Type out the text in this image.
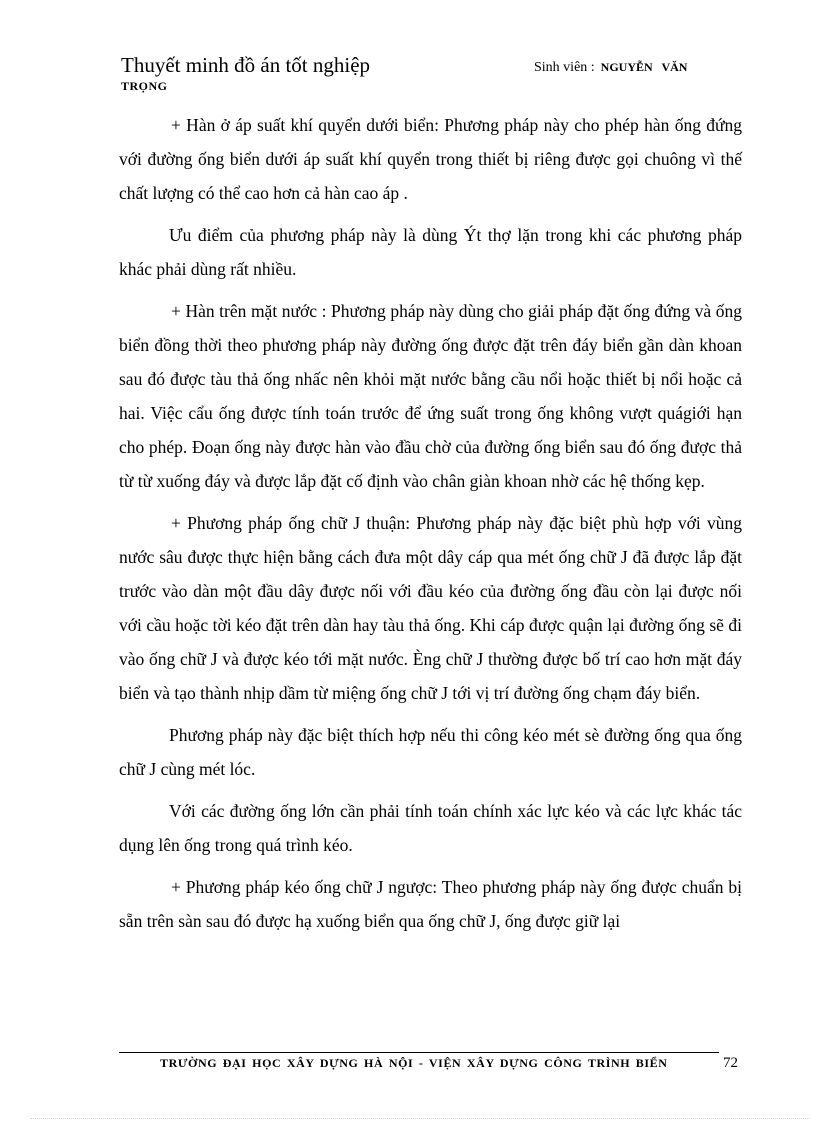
Thuyết minh đồ án tốt nghiệp
TRỌNG
Sinh viên : NGUYỄN VĂN

+ Hàn ở áp suất khí quyển dưới biển: Phương pháp này cho phép hàn ống đứng với đường ống biển dưới áp suất khí quyển trong thiết bị riêng được gọi chuông vì thế chất lượng có thể cao hơn cả hàn cao áp .

Ưu điểm của phương pháp này là dùng Ýt thợ lặn trong khi các phương pháp khác phải dùng rất nhiều.

+ Hàn trên mặt nước : Phương pháp này dùng cho giải pháp đặt ống đứng và ống biển đồng thời theo phương pháp này đường ống được đặt trên đáy biển gần dàn khoan sau đó được tàu thả ống nhấc nên khỏi mặt nước bằng cầu nổi hoặc thiết bị nổi hoặc cả hai. Việc cẩu ống được tính toán trước để ứng suất trong ống không vượt quágiới hạn cho phép. Đoạn ống này được hàn vào đầu chờ của đường ống biển sau đó ống được thả từ từ xuống đáy và được lắp đặt cố định vào chân giàn khoan nhờ các hệ thống kẹp.

+ Phương pháp ống chữ J thuận: Phương pháp này đặc biệt phù hợp với vùng nước sâu được thực hiện bằng cách đưa một dây cáp qua mét ống chữ J đã được lắp đặt trước vào dàn một đầu dây được nối với đầu kéo của đường ống đầu còn lại được nối với cầu hoặc tời kéo đặt trên dàn hay tàu thả ống. Khi cáp được quận lại đường ống sẽ đi vào ống chữ J và được kéo tới mặt nước. Èng chữ J thường được bố trí cao hơn mặt đáy biển và tạo thành nhịp dầm từ miệng ống chữ J tới vị trí đường ống chạm đáy biển.

Phương pháp này đặc biệt thích hợp nếu thi công kéo mét sè đường ống qua ống chữ J cùng mét lóc.

Với các đường ống lớn cần phải tính toán chính xác lực kéo và các lực khác tác dụng lên ống trong quá trình kéo.

+ Phương pháp kéo ống chữ J ngược: Theo phương pháp này ống được chuẩn bị sẵn trên sàn sau đó được hạ xuống biển qua ống chữ J, ống được giữ lại

TRƯỜNG ĐẠI HỌC XÂY DỰNG HÀ NỘI - VIỆN XÂY DỰNG CÔNG TRÌNH BIỂN	72
